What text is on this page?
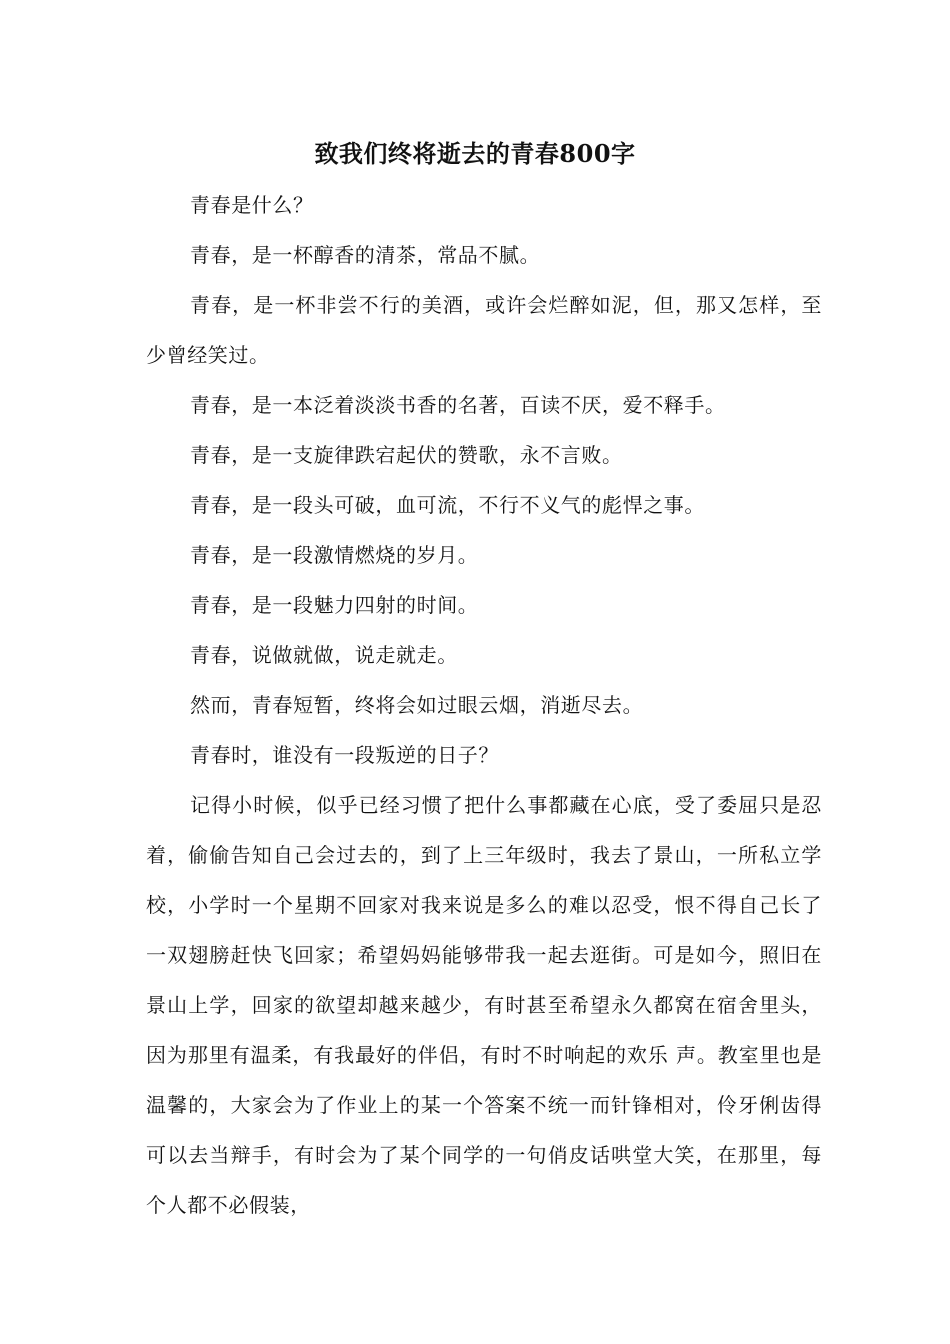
致我们终将逝去的青春800字

青春是什么？

青春，是一杯醇香的清茶，常品不腻。

青春，是一杯非尝不行的美酒，或许会烂醉如泥，但，那又怎样，至少曾经笑过。

青春，是一本泛着淡淡书香的名著，百读不厌，爱不释手。

青春，是一支旋律跌宕起伏的赞歌，永不言败。

青春，是一段头可破，血可流，不行不义气的彪悍之事。

青春，是一段激情燃烧的岁月。

青春，是一段魅力四射的时间。

青春，说做就做，说走就走。

然而，青春短暂，终将会如过眼云烟，消逝尽去。

青春时，谁没有一段叛逆的日子？

记得小时候，似乎已经习惯了把什么事都藏在心底，受了委屈只是忍着，偷偷告知自己会过去的，到了上三年级时，我去了景山，一所私立学校，小学时一个星期不回家对我来说是多么的难以忍受，恨不得自己长了一双翅膀赶快飞回家；希望妈妈能够带我一起去逛街。可是如今，照旧在景山上学，回家的欲望却越来越少，有时甚至希望永久都窝在宿舍里头，因为那里有温柔，有我最好的伴侣，有时不时响起的欢乐 声。教室里也是温馨的，大家会为了作业上的某一个答案不统一而针锋相对，伶牙俐齿得可以去当辩手，有时会为了某个同学的一句俏皮话哄堂大笑，在那里，每个人都不必假装，
